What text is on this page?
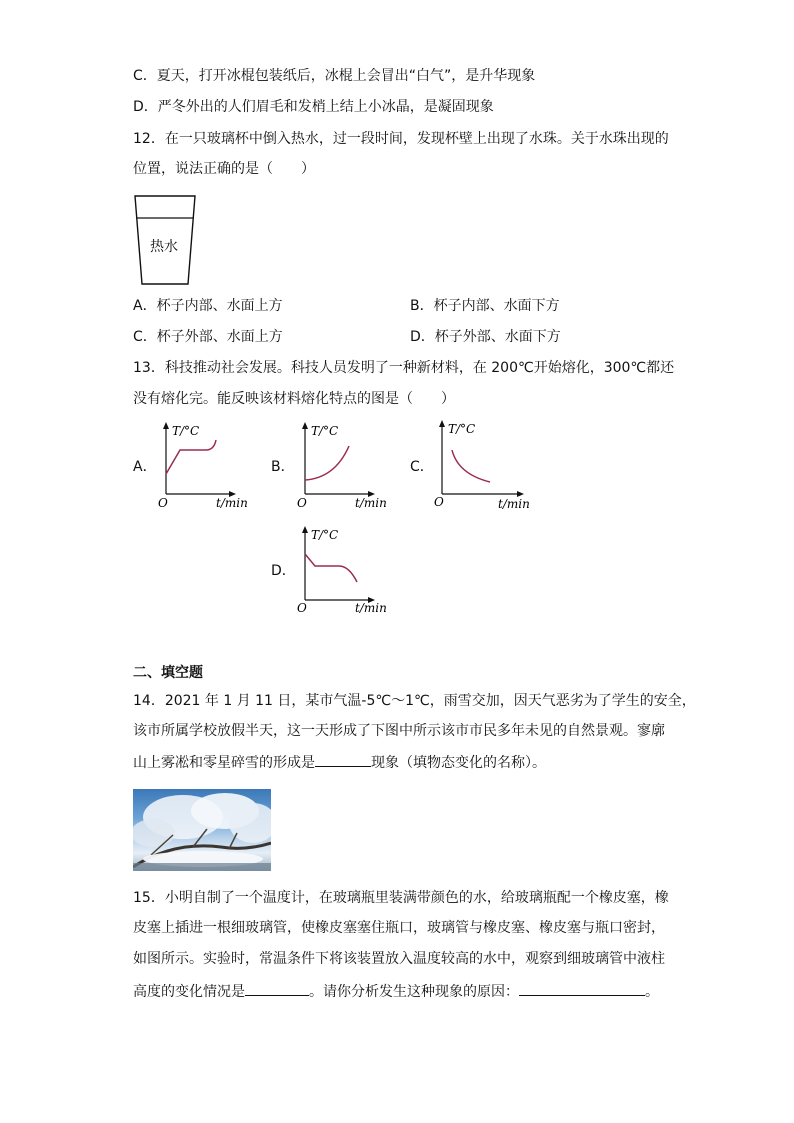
C．夏天，打开冰棍包装纸后，冰棍上会冒出“白气”，是升华现象
D．严冬外出的人们眉毛和发梢上结上小冰晶，是凝固现象
12．在一只玻璃杯中倒入热水，过一段时间，发现杯壁上出现了水珠。关于水珠出现的
位置，说法正确的是（　　）
热水
A．杯子内部、水面上方	B．杯子内部、水面下方
C．杯子外部、水面上方	D．杯子外部、水面下方
13．科技推动社会发展。科技人员发明了一种新材料，在 200℃开始熔化，300℃都还
没有熔化完。能反映该材料熔化特点的图是（　　）
A．
T/°C
t/min
O
B．
T/°C
t/min
O
C．
T/°C
t/min
O
D．
T/°C
t/min
O
二、填空题
14．2021 年 1 月 11 日，某市气温-5℃～1℃，雨雪交加，因天气恶劣为了学生的安全，
该市所属学校放假半天，这一天形成了下图中所示该市市民多年未见的自然景观。寥廓
山上雾凇和零星碎雪的形成是	现象（填物态变化的名称）。
15．小明自制了一个温度计，在玻璃瓶里装满带颜色的水，给玻璃瓶配一个橡皮塞，橡
皮塞上插进一根细玻璃管，使橡皮塞塞住瓶口，玻璃管与橡皮塞、橡皮塞与瓶口密封，
如图所示。实验时，常温条件下将该装置放入温度较高的水中，观察到细玻璃管中液柱
高度的变化情况是	。请你分析发生这种现象的原因：	。
